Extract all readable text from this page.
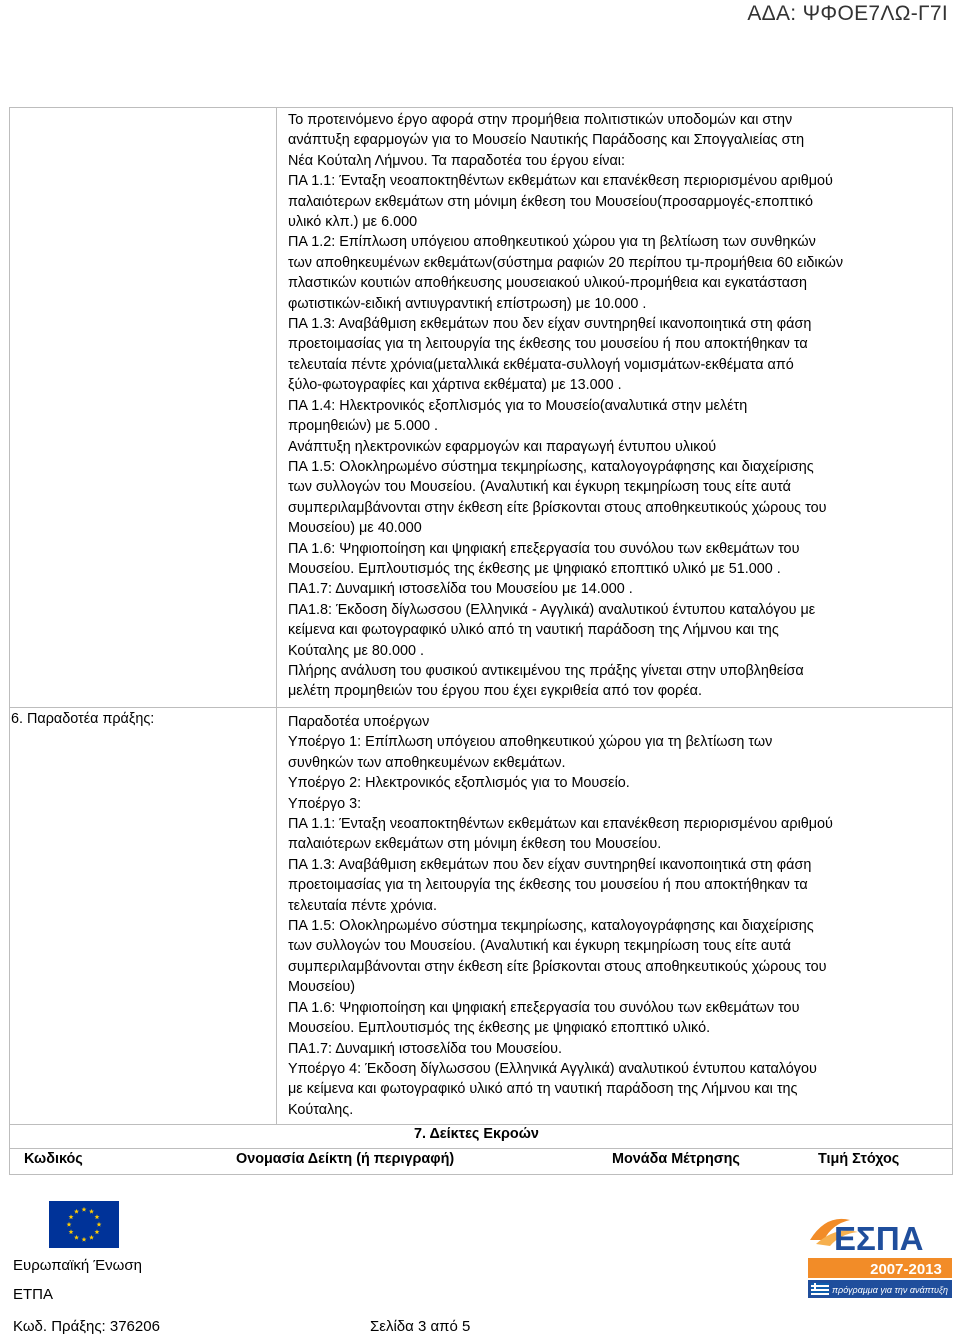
ΑΔΑ: ΨΦΟΕ7ΛΩ-Γ7Ι

Το προτεινόμενο έργο αφορά στην προμήθεια πολιτιστικών υποδομών και στην

ανάπτυξη εφαρμογών για το Μουσείο Ναυτικής Παράδοσης και Σπογγαλιείας στη

Νέα Κούταλη Λήμνου. Τα παραδοτέα του έργου είναι:

ΠΑ 1.1: Ένταξη νεοαποκτηθέντων εκθεμάτων και επανέκθεση περιορισμένου αριθμού

παλαιότερων εκθεμάτων στη μόνιμη έκθεση του Μουσείου(προσαρμογές-εποπτικό

υλικό κλπ.) με 6.000

ΠΑ 1.2: Επίπλωση υπόγειου αποθηκευτικού χώρου για τη βελτίωση των συνθηκών

των αποθηκευμένων εκθεμάτων(σύστημα ραφιών 20 περίπου τμ-προμήθεια 60 ειδικών

πλαστικών κουτιών αποθήκευσης μουσειακού υλικού-προμήθεια και εγκατάσταση

φωτιστικών-ειδική αντιυγραντική επίστρωση) με 10.000 .

ΠΑ 1.3: Αναβάθμιση εκθεμάτων που δεν είχαν συντηρηθεί ικανοποιητικά στη φάση

προετοιμασίας για τη λειτουργία της έκθεσης του μουσείου ή που αποκτήθηκαν τα

τελευταία πέντε χρόνια(μεταλλικά εκθέματα-συλλογή νομισμάτων-εκθέματα από

ξύλο-φωτογραφίες και χάρτινα εκθέματα) με 13.000 .

ΠΑ 1.4: Ηλεκτρονικός εξοπλισμός για το Μουσείο(αναλυτικά στην μελέτη

προμηθειών) με 5.000 .

Ανάπτυξη ηλεκτρονικών εφαρμογών και παραγωγή έντυπου υλικού

ΠΑ 1.5: Ολοκληρωμένο σύστημα τεκμηρίωσης, καταλογογράφησης και διαχείρισης

των συλλογών του Μουσείου. (Αναλυτική και έγκυρη τεκμηρίωση τους είτε αυτά

συμπεριλαμβάνονται στην έκθεση είτε βρίσκονται στους αποθηκευτικούς χώρους του

Μουσείου) με 40.000

ΠΑ 1.6: Ψηφιοποίηση και ψηφιακή επεξεργασία του συνόλου των εκθεμάτων του

Μουσείου. Εμπλουτισμός της έκθεσης με ψηφιακό εποπτικό υλικό με 51.000 .

ΠΑ1.7: Δυναμική ιστοσελίδα του Μουσείου με 14.000 .

ΠΑ1.8: Έκδοση δίγλωσσου (Ελληνικά - Αγγλικά) αναλυτικού έντυπου καταλόγου με

κείμενα και φωτογραφικό υλικό από τη ναυτική παράδοση της Λήμνου και της

Κούταλης με 80.000 .

Πλήρης ανάλυση του φυσικού αντικειμένου της πράξης γίνεται στην υποβληθείσα

μελέτη προμηθειών του έργου που έχει εγκριθεία από τον φορέα.

6. Παραδοτέα πράξης:	Παραδοτέα υποέργων

Υποέργο 1: Επίπλωση υπόγειου αποθηκευτικού χώρου για τη βελτίωση των

συνθηκών των αποθηκευμένων εκθεμάτων.

Υποέργο 2: Ηλεκτρονικός εξοπλισμός για το Μουσείο.

Υποέργο 3:

ΠΑ 1.1: Ένταξη νεοαποκτηθέντων εκθεμάτων και επανέκθεση περιορισμένου αριθμού

παλαιότερων εκθεμάτων στη μόνιμη έκθεση του Μουσείου.

ΠΑ 1.3: Αναβάθμιση εκθεμάτων που δεν είχαν συντηρηθεί ικανοποιητικά στη φάση

προετοιμασίας για τη λειτουργία της έκθεσης του μουσείου ή που αποκτήθηκαν τα

τελευταία πέντε χρόνια.

ΠΑ 1.5: Ολοκληρωμένο σύστημα τεκμηρίωσης, καταλογογράφησης και διαχείρισης

των συλλογών του Μουσείου. (Αναλυτική και έγκυρη τεκμηρίωση τους είτε αυτά

συμπεριλαμβάνονται στην έκθεση είτε βρίσκονται στους αποθηκευτικούς χώρους του

Μουσείου)

ΠΑ 1.6: Ψηφιοποίηση και ψηφιακή επεξεργασία του συνόλου των εκθεμάτων του

Μουσείου. Εμπλουτισμός της έκθεσης με ψηφιακό εποπτικό υλικό.

ΠΑ1.7: Δυναμική ιστοσελίδα του Μουσείου.

Υποέργο 4: Έκδοση δίγλωσσου (Ελληνικά Αγγλικά) αναλυτικού έντυπου καταλόγου

με κείμενα και φωτογραφικό υλικό από τη ναυτική παράδοση της Λήμνου και της

Κούταλης.

7. Δείκτες Εκροών
Κωδικός	Ονομασία Δείκτη (ή περιγραφή)	Μονάδα Μέτρησης	Τιμή Στόχος
Ευρωπαϊκή Ένωση
ΕΤΠΑ
ΕΣΠΑ
2007-2013
πρόγραμμα για την ανάπτυξη
Κωδ. Πράξης: 376206	Σελίδα 3 από 5
